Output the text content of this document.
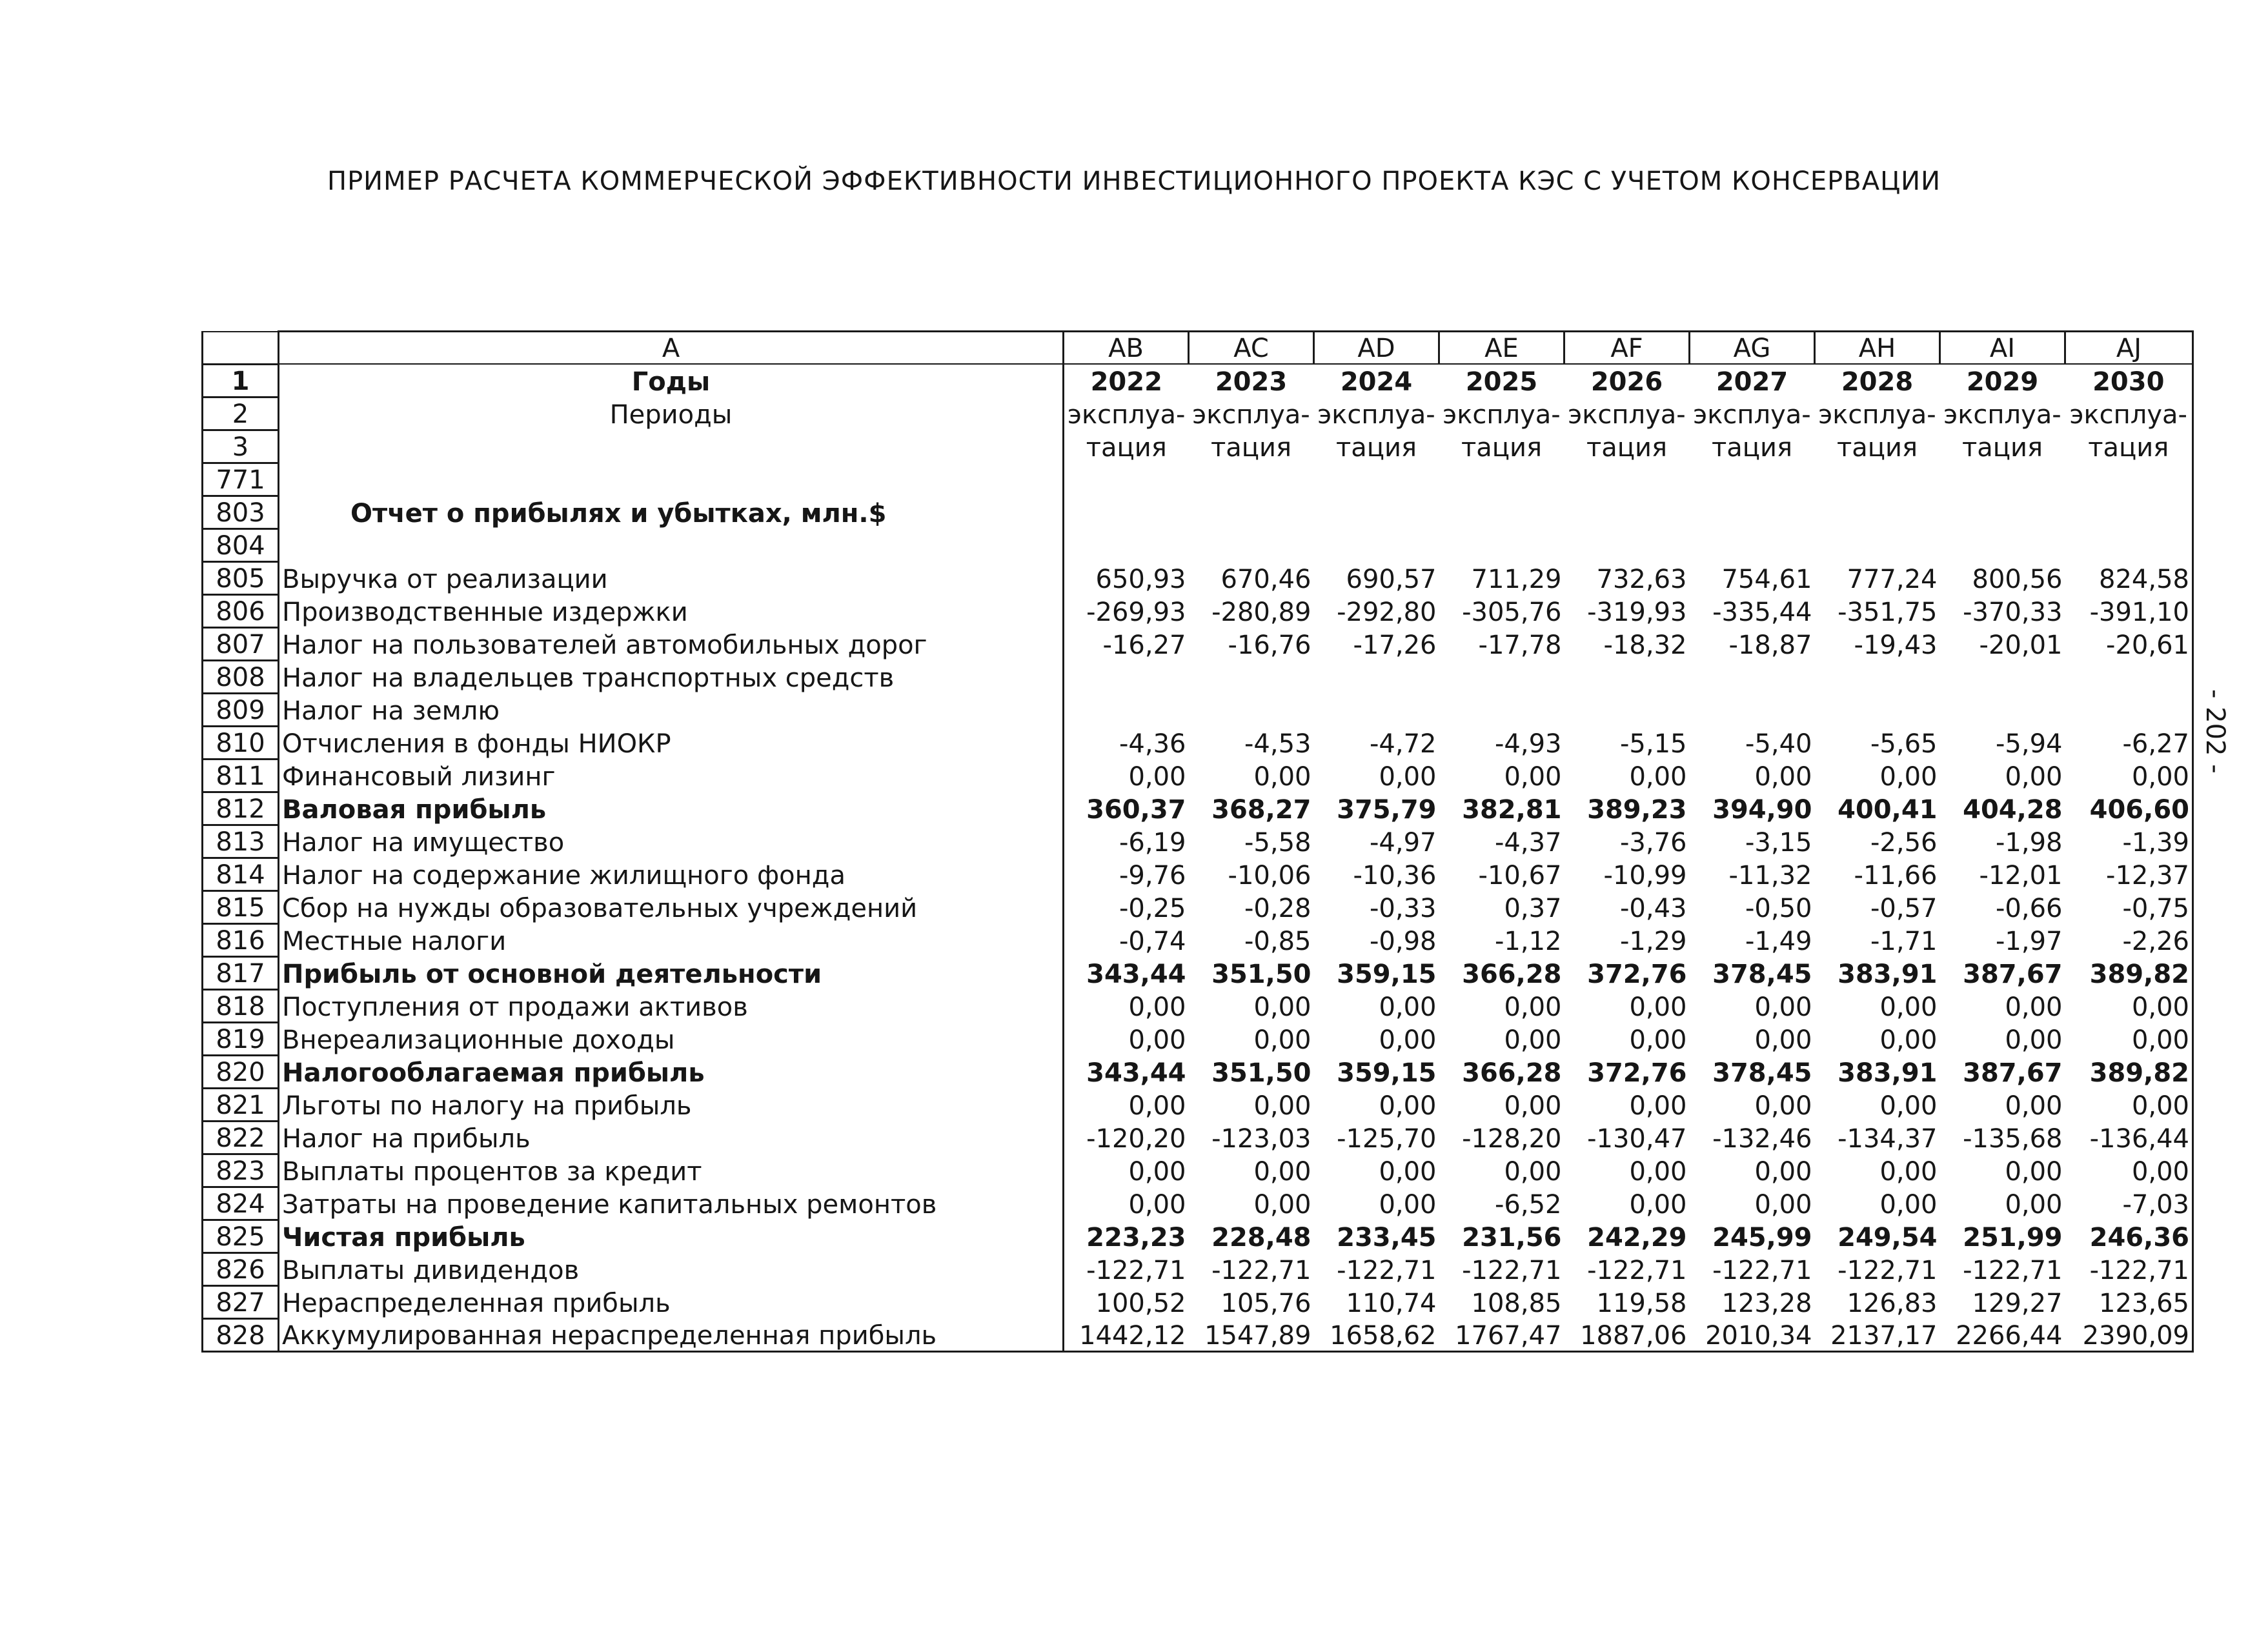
ПРИМЕР РАСЧЕТА КОММЕРЧЕСКОЙ ЭФФЕКТИВНОСТИ ИНВЕСТИЦИОННОГО ПРОЕКТА КЭС С УЧЕТОМ КОНСЕРВАЦИИ
- 202 -
	A	AB	AC	AD	AE	AF	AG	AH	AI	AJ
1	Годы	2022	2023	2024	2025	2026	2027	2028	2029	2030
2	Периоды	эксплуа-	эксплуа-	эксплуа-	эксплуа-	эксплуа-	эксплуа-	эксплуа-	эксплуа-	эксплуа-
3		тация	тация	тация	тация	тация	тация	тация	тация	тация
771										
803	Отчет о прибылях и убытках, млн.$									
804										
805	Выручка от реализации	650,93	670,46	690,57	711,29	732,63	754,61	777,24	800,56	824,58
806	Производственные издержки	-269,93	-280,89	-292,80	-305,76	-319,93	-335,44	-351,75	-370,33	-391,10
807	Налог на пользователей автомобильных дорог	-16,27	-16,76	-17,26	-17,78	-18,32	-18,87	-19,43	-20,01	-20,61
808	Налог на владельцев транспортных средств									
809	Налог на землю									
810	Отчисления в фонды НИОКР	-4,36	-4,53	-4,72	-4,93	-5,15	-5,40	-5,65	-5,94	-6,27
811	Финансовый лизинг	0,00	0,00	0,00	0,00	0,00	0,00	0,00	0,00	0,00
812	Валовая прибыль	360,37	368,27	375,79	382,81	389,23	394,90	400,41	404,28	406,60
813	Налог на имущество	-6,19	-5,58	-4,97	-4,37	-3,76	-3,15	-2,56	-1,98	-1,39
814	Налог на содержание жилищного фонда	-9,76	-10,06	-10,36	-10,67	-10,99	-11,32	-11,66	-12,01	-12,37
815	Сбор на нужды образовательных учреждений	-0,25	-0,28	-0,33	0,37	-0,43	-0,50	-0,57	-0,66	-0,75
816	Местные налоги	-0,74	-0,85	-0,98	-1,12	-1,29	-1,49	-1,71	-1,97	-2,26
817	Прибыль от основной деятельности	343,44	351,50	359,15	366,28	372,76	378,45	383,91	387,67	389,82
818	Поступления от продажи активов	0,00	0,00	0,00	0,00	0,00	0,00	0,00	0,00	0,00
819	Внереализационные доходы	0,00	0,00	0,00	0,00	0,00	0,00	0,00	0,00	0,00
820	Налогооблагаемая прибыль	343,44	351,50	359,15	366,28	372,76	378,45	383,91	387,67	389,82
821	Льготы по налогу на прибыль	0,00	0,00	0,00	0,00	0,00	0,00	0,00	0,00	0,00
822	Налог на прибыль	-120,20	-123,03	-125,70	-128,20	-130,47	-132,46	-134,37	-135,68	-136,44
823	Выплаты процентов за кредит	0,00	0,00	0,00	0,00	0,00	0,00	0,00	0,00	0,00
824	Затраты на проведение капитальных ремонтов	0,00	0,00	0,00	-6,52	0,00	0,00	0,00	0,00	-7,03
825	Чистая прибыль	223,23	228,48	233,45	231,56	242,29	245,99	249,54	251,99	246,36
826	Выплаты дивидендов	-122,71	-122,71	-122,71	-122,71	-122,71	-122,71	-122,71	-122,71	-122,71
827	Нераспределенная прибыль	100,52	105,76	110,74	108,85	119,58	123,28	126,83	129,27	123,65
828	Аккумулированная нераспределенная прибыль	1442,12	1547,89	1658,62	1767,47	1887,06	2010,34	2137,17	2266,44	2390,09
